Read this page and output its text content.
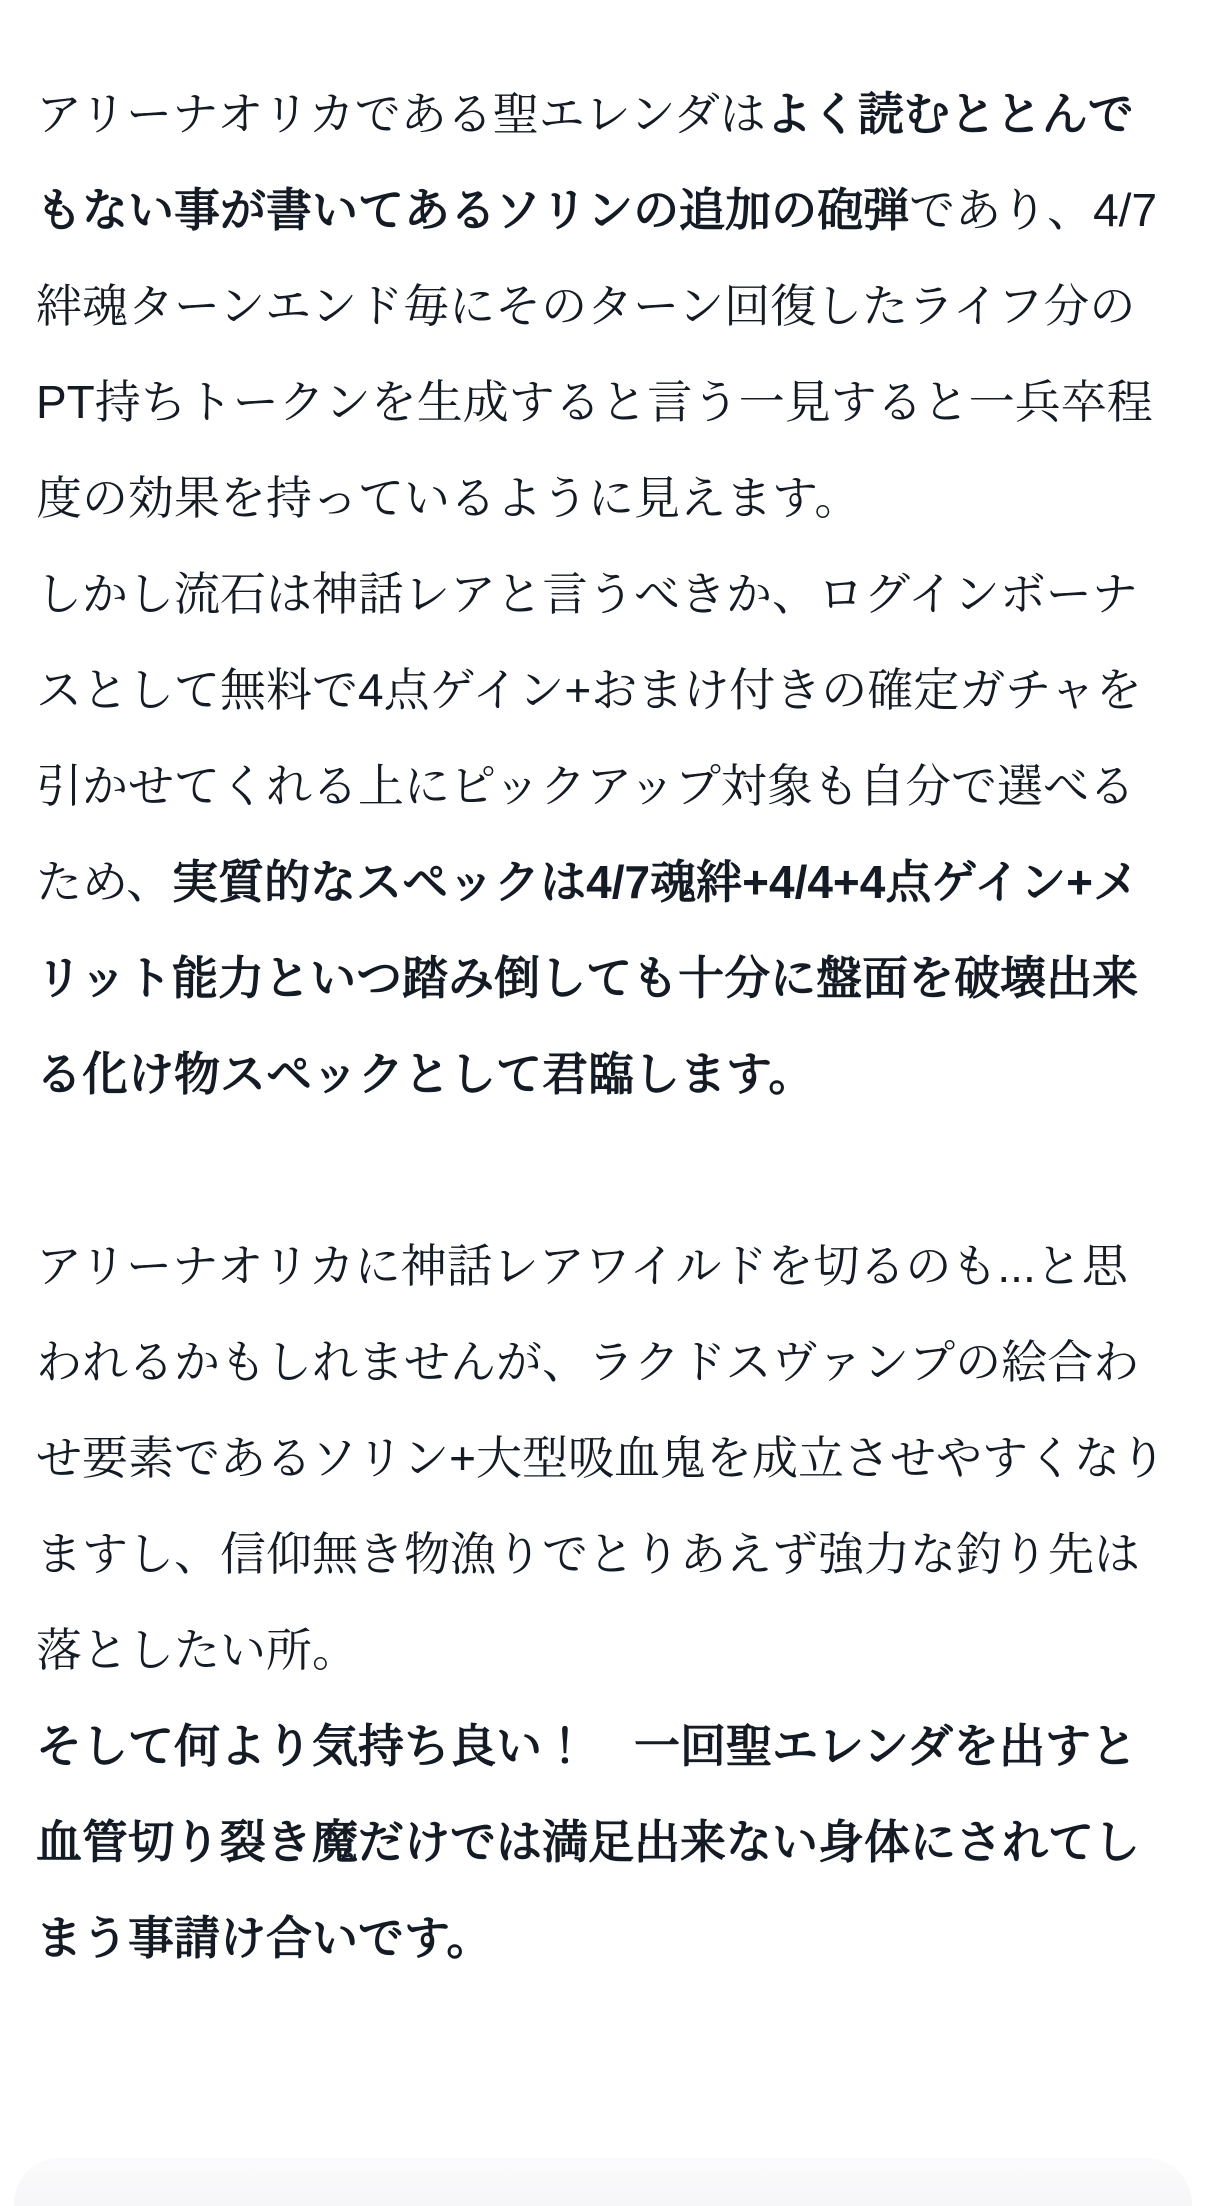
アリーナオリカである聖エレンダはよく読むととんでもない事が書いてあるソリンの追加の砲弾であり、4/7絆魂ターンエンド毎にそのターン回復したライフ分のPT持ちトークンを生成すると言う一見すると一兵卒程度の効果を持っているように見えます。

しかし流石は神話レアと言うべきか、ログインボーナスとして無料で4点ゲイン+おまけ付きの確定ガチャを引かせてくれる上にピックアップ対象も自分で選べるため、実質的なスペックは4/7魂絆+4/4+4点ゲイン+メリット能力といつ踏み倒しても十分に盤面を破壊出来る化け物スペックとして君臨します。

アリーナオリカに神話レアワイルドを切るのも...と思われるかもしれませんが、ラクドスヴァンプの絵合わせ要素であるソリン+大型吸血鬼を成立させやすくなりますし、信仰無き物漁りでとりあえず強力な釣り先は落としたい所。

そして何より気持ち良い！　一回聖エレンダを出すと血管切り裂き魔だけでは満足出来ない身体にされてしまう事請け合いです。
